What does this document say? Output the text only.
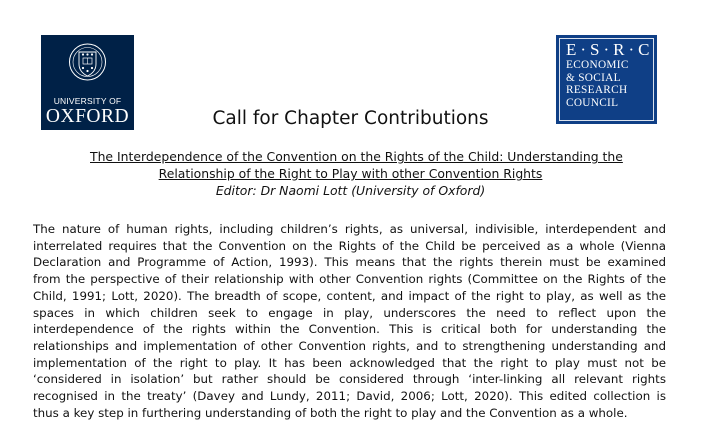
UNIVERSITY OF
OXFORD
E·S·R·C
ECONOMIC
& SOCIAL
RESEARCH
COUNCIL
Call for Chapter Contributions
The Interdependence of the Convention on the Rights of the Child: Understanding the
Relationship of the Right to Play with other Convention Rights
Editor: Dr Naomi Lott (University of Oxford)
The nature of human rights, including children’s rights, as universal, indivisible, interdependent and
interrelated requires that the Convention on the Rights of the Child be perceived as a whole (Vienna
Declaration and Programme of Action, 1993). This means that the rights therein must be examined
from the perspective of their relationship with other Convention rights (Committee on the Rights of the
Child, 1991; Lott, 2020). The breadth of scope, content, and impact of the right to play, as well as the
spaces in which children seek to engage in play, underscores the need to reflect upon the
interdependence of the rights within the Convention. This is critical both for understanding the
relationships and implementation of other Convention rights, and to strengthening understanding and
implementation of the right to play. It has been acknowledged that the right to play must not be
‘considered in isolation’ but rather should be considered through ‘inter-linking all relevant rights
recognised in the treaty’ (Davey and Lundy, 2011; David, 2006; Lott, 2020). This edited collection is
thus a key step in furthering understanding of both the right to play and the Convention as a whole.
